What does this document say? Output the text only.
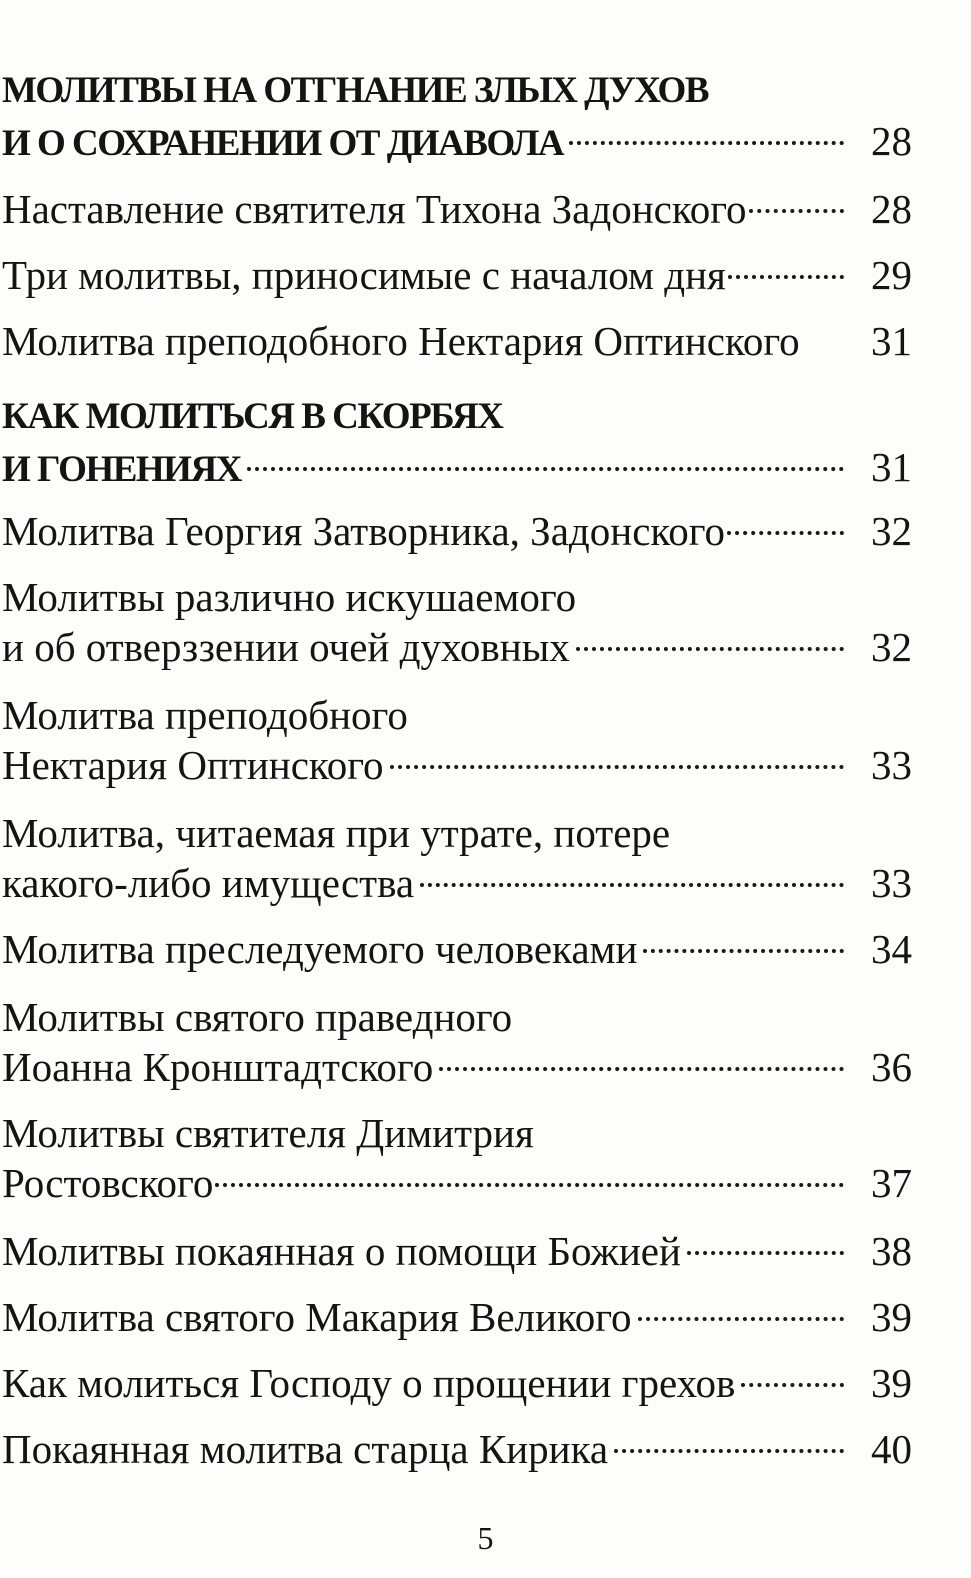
МОЛИТВЫ НА ОТГНАНИЕ ЗЛЫХ ДУХОВ
И О СОХРАНЕНИИ ОТ ДИАВОЛА	28
Наставление святителя Тихона Задонского	28
Три молитвы, приносимые с началом дня	29
Молитва преподобного Нектария Оптинского	31
КАК МОЛИТЬСЯ В СКОРБЯХ
И ГОНЕНИЯХ	31
Молитва Георгия Затворника, Задонского	32
Молитвы различно искушаемого
и об отверззении очей духовных	32
Молитва преподобного
Нектария Оптинского	33
Молитва, читаемая при утрате, потере
какого-либо имущества	33
Молитва преследуемого человеками	34
Молитвы святого праведного
Иоанна Кронштадтского	36
Молитвы святителя Димитрия
Ростовского	37
Молитвы покаянная о помощи Божией	38
Молитва святого Макария Великого	39
Как молиться Господу о прощении грехов	39
Покаянная молитва старца Кирика	40
5
